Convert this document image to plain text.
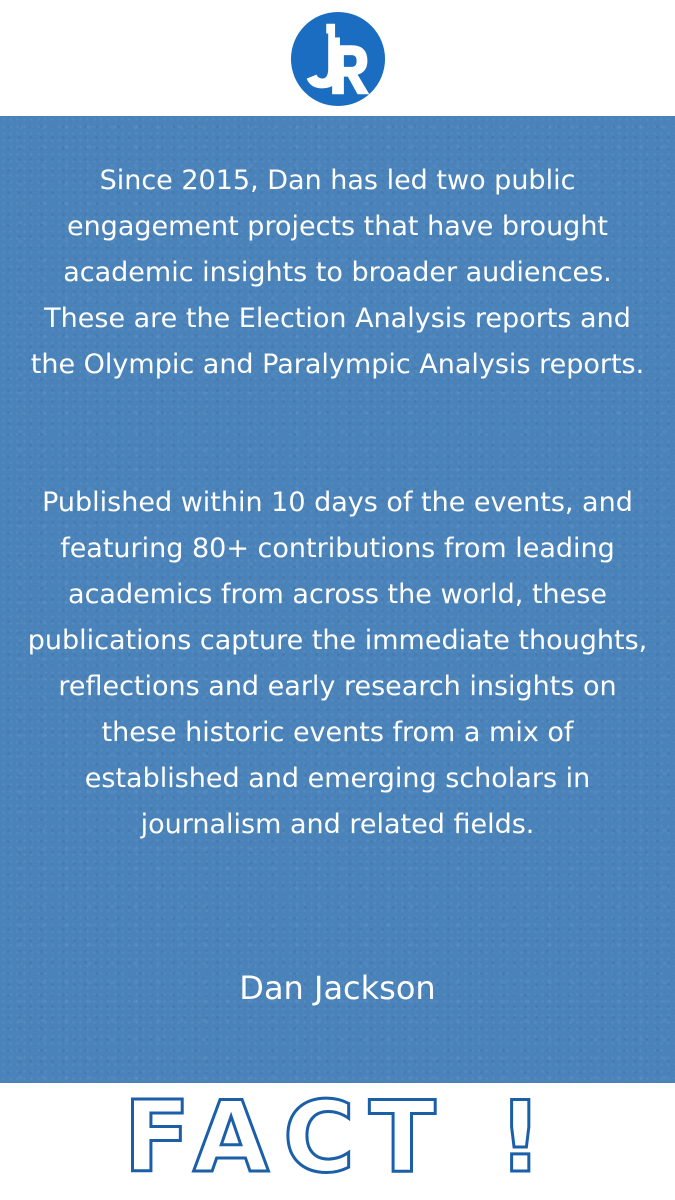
Since 2015, Dan has led two public engagement projects that have brought academic insights to broader audiences. These are the Election Analysis reports and the Olympic and Paralympic Analysis reports.

Published within 10 days of the events, and featuring 80+ contributions from leading academics from across the world, these publications capture the immediate thoughts, reflections and early research insights on these historic events from a mix of established and emerging scholars in journalism and related fields.

Dan Jackson

FACT !
